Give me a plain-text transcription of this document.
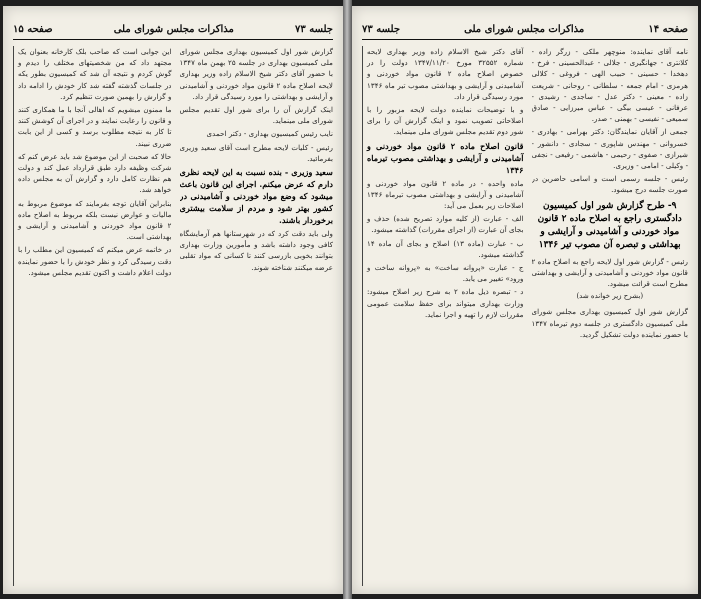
صفحه ۱۵	مذاکرات مجلس شورای ملی	جلسه ۷۳

گزارش شور اول کمیسیون بهداری مجلس شورای ملی کمیسیون بهداری در جلسه ۲۵ بهمن ماه ۱۳۴۷ با حضور آقای دکتر شیخ الاسلام زاده وزیر بهداری لایحه اصلاح ماده ۲ قانون مواد خوردنی و آشامیدنی و آرایشی و بهداشتی را مورد رسیدگی قرار داد.

اینک گزارش آن را برای شور اول تقدیم مجلس شورای ملی مینماید.

نایب رئیس کمیسیون بهداری - دکتر احمدی

رئیس - کلیات لایحه مطرح است آقای سعید وزیری بفرمائید.

سعید وزیری - بنده نسبت به این لایحه نظری دارم که عرض میکنم. اجرای این قانون باعث میشود که وضع مواد خوردنی و آشامیدنی در کشور بهتر شود و مردم از سلامت بیشتری برخوردار باشند.

ولی باید دقت کرد که در شهرستانها هم آزمایشگاه کافی وجود داشته باشد و مأمورین وزارت بهداری بتوانند بخوبی بازرسی کنند تا کسانی که مواد تقلبی عرضه میکنند شناخته شوند.

این جوابی است که صاحب بلک کارخانه بعنوان یک مجتهد داد که من شخصیتهای مختلف را دیدم و گوش کردم و نتیجه آن شد که کمیسیون بطور یکه در جلسات گذشته گفته شد کار خودش را ادامه داد و گزارش را بهمین صورت تنظیم کرد.

ما ممنون میشویم که اهالی آنجا با ما همکاری کنند و قانون را رعایت نمایند و در اجرای آن کوشش کنند تا کار به نتیجه مطلوب برسد و کسی از این بابت ضرری نبیند.

حالا که صحبت از این موضوع شد باید عرض کنم که شرکت وظیفه دارد طبق قرارداد عمل کند و دولت هم نظارت کامل دارد و گزارش آن به مجلس داده خواهد شد.

بنابراین آقایان توجه بفرمایند که موضوع مربوط به مالیات و عوارض نیست بلکه مربوط به اصلاح ماده ۲ قانون مواد خوردنی و آشامیدنی و آرایشی و بهداشتی است.

در خاتمه عرض میکنم که کمیسیون این مطلب را با دقت رسیدگی کرد و نظر خودش را با حضور نماینده دولت اعلام داشت و اکنون تقدیم مجلس میشود.

جلسه ۷۳	مذاکرات مجلس شورای ملی	صفحه ۱۴

نامه آقای نماینده: منوچهر ملکی - زرگر زاده - کلانتری - جهانگیری - جلالی - عبدالحسینی - فرخ - دهخدا - حسینی - حبیب الهی - فروغی - کلالی هرمزی - امام جمعه - سلطانی - روحانی - شریعت زاده - معینی - دکتر عدل - ساجدی - رشیدی - عرفانی - عیسی بیگی - عباس میرزایی - صادق سمیعی - نفیسی - بهمنی - صدر.

جمعی از آقایان نمایندگان: دکتر بهرامی - بهادری - خسروانی - مهندس شاپوری - سجادی - دانشور - شیرازی - صفوی - رحیمی - هاشمی - رفیعی - نجفی - وکیلی - امامی - وزیری.

رئیس - جلسه رسمی است و اسامی حاضرین در صورت جلسه درج میشود.

۹- طرح گزارش شور اول کمیسیون دادگستری راجع به اصلاح ماده ۲ قانون مواد خوردنی و آشامیدنی و آرایشی و بهداشتی و تبصره آن مصوب تیر ۱۳۴۶

رئیس - گزارش شور اول لایحه راجع به اصلاح ماده ۲ قانون مواد خوردنی و آشامیدنی و آرایشی و بهداشتی مطرح است قرائت میشود.

(بشرح زیر خوانده شد)

گزارش شور اول کمیسیون بهداری مجلس شورای ملی کمیسیون دادگستری در جلسه دوم تیرماه ۱۳۴۷ با حضور نماینده دولت تشکیل گردید.

آقای دکتر شیخ الاسلام زاده وزیر بهداری لایحه شماره ۳۲۵۵۲ مورخ ۱۳۴۷/۱۱/۲۰ دولت را در خصوص اصلاح ماده ۲ قانون مواد خوردنی و آشامیدنی و آرایشی و بهداشتی مصوب تیر ماه ۱۳۴۶ مورد رسیدگی قرار داد.

و با توضیحات نماینده دولت لایحه مزبور را با اصلاحاتی تصویب نمود و اینک گزارش آن را برای شور دوم تقدیم مجلس شورای ملی مینماید.

قانون اصلاح ماده ۲ قانون مواد خوردنی و آشامیدنی و آرایشی و بهداشتی مصوب تیرماه ۱۳۴۶

ماده واحده - در ماده ۲ قانون مواد خوردنی و آشامیدنی و آرایشی و بهداشتی مصوب تیرماه ۱۳۴۶ اصلاحات زیر بعمل می آید:

الف - عبارت (از کلیه موارد تصریح شده) حذف و بجای آن عبارت (از اجرای مقررات) گذاشته میشود.

ب - عبارت (ماده ۱۳) اصلاح و بجای آن ماده ۱۴ گذاشته میشود.

ج - عبارت «پروانه ساخت» به «پروانه ساخت و ورود» تغییر می یابد.

د - تبصره ذیل ماده ۲ به شرح زیر اصلاح میشود: وزارت بهداری میتواند برای حفظ سلامت عمومی مقررات لازم را تهیه و اجرا نماید.
